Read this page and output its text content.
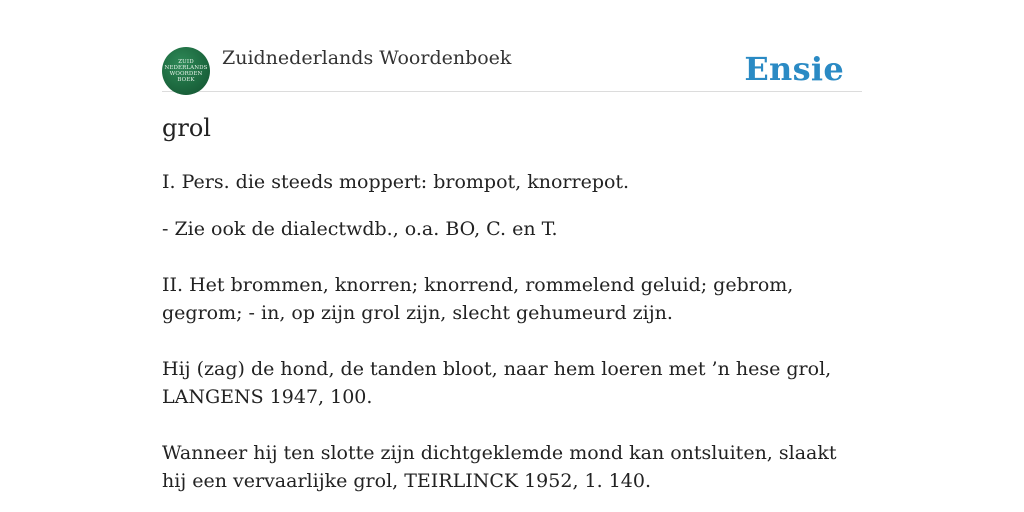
ZUID
NEDERLANDS
WOORDEN
BOEK
Zuidnederlands Woordenboek	Ensie
grol

I. Pers. die steeds moppert: brompot, knorrepot.

- Zie ook de dialectwdb., o.a. BO, C. en T.

II. Het brommen, knorren; knorrend, rommelend geluid; gebrom, gegrom; - in, op zijn grol zijn, slecht gehumeurd zijn.

Hij (zag) de hond, de tanden bloot, naar hem loeren met ’n hese grol, LANGENS 1947, 100.

Wanneer hij ten slotte zijn dichtgeklemde mond kan ontsluiten, slaakt hij een vervaarlijke grol, TEIRLINCK 1952, 1. 140.
